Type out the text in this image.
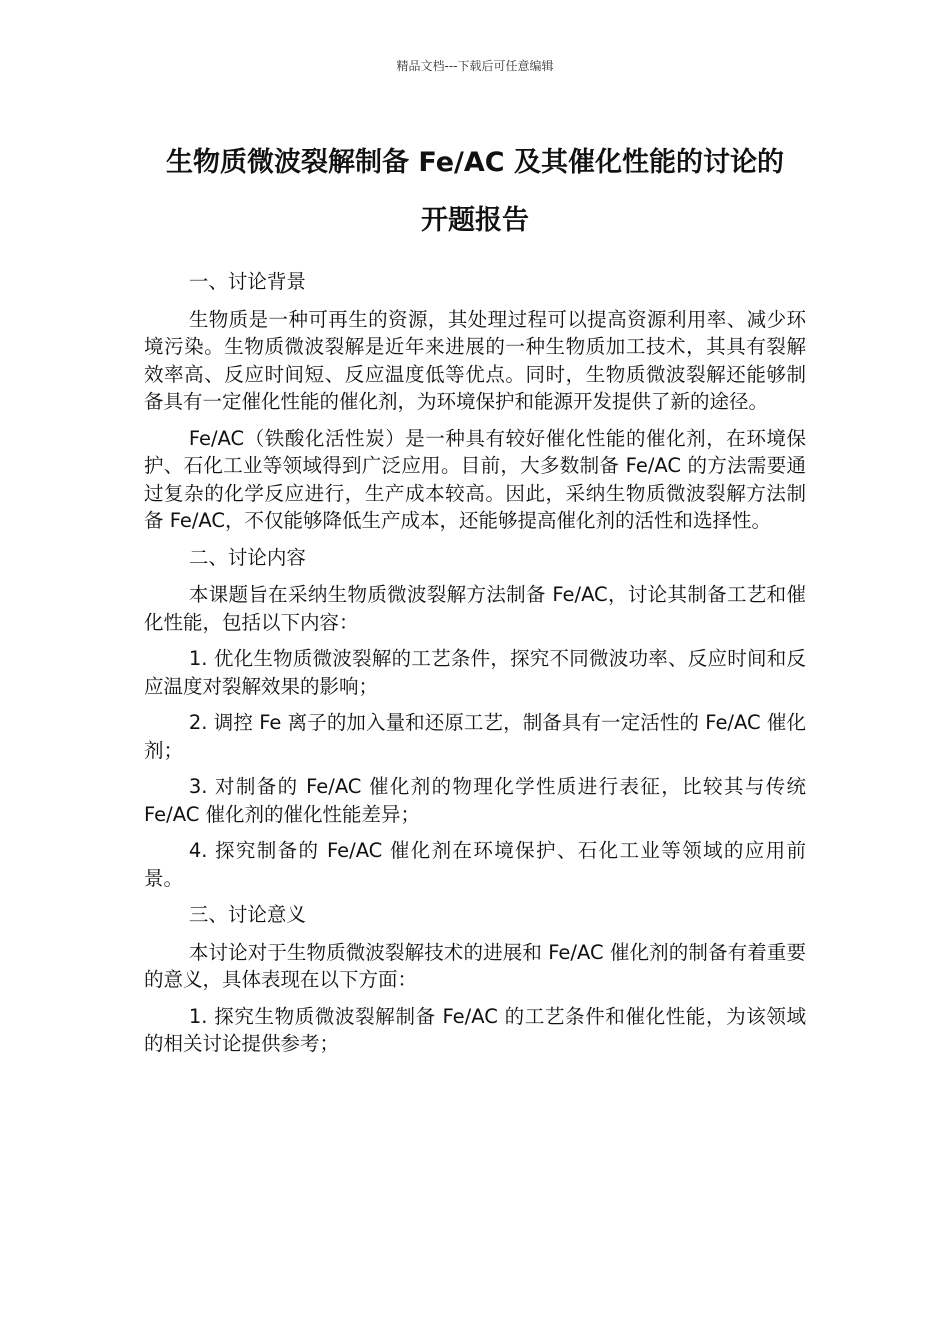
精品文档---下载后可任意编辑
生物质微波裂解制备 Fe/AC 及其催化性能的讨论的
开题报告

一、讨论背景

生物质是一种可再生的资源，其处理过程可以提高资源利用率、减少环境污染。生物质微波裂解是近年来进展的一种生物质加工技术，其具有裂解效率高、反应时间短、反应温度低等优点。同时，生物质微波裂解还能够制备具有一定催化性能的催化剂，为环境保护和能源开发提供了新的途径。

Fe/AC（铁酸化活性炭）是一种具有较好催化性能的催化剂，在环境保护、石化工业等领域得到广泛应用。目前，大多数制备 Fe/AC 的方法需要通过复杂的化学反应进行，生产成本较高。因此，采纳生物质微波裂解方法制备 Fe/AC，不仅能够降低生产成本，还能够提高催化剂的活性和选择性。

二、讨论内容

本课题旨在采纳生物质微波裂解方法制备 Fe/AC，讨论其制备工艺和催化性能，包括以下内容：

1. 优化生物质微波裂解的工艺条件，探究不同微波功率、反应时间和反应温度对裂解效果的影响；

2. 调控 Fe 离子的加入量和还原工艺，制备具有一定活性的 Fe/AC 催化剂；

3. 对制备的 Fe/AC 催化剂的物理化学性质进行表征，比较其与传统 Fe/AC 催化剂的催化性能差异；

4. 探究制备的 Fe/AC 催化剂在环境保护、石化工业等领域的应用前景。

三、讨论意义

本讨论对于生物质微波裂解技术的进展和 Fe/AC 催化剂的制备有着重要的意义，具体表现在以下方面：

1. 探究生物质微波裂解制备 Fe/AC 的工艺条件和催化性能，为该领域的相关讨论提供参考；
